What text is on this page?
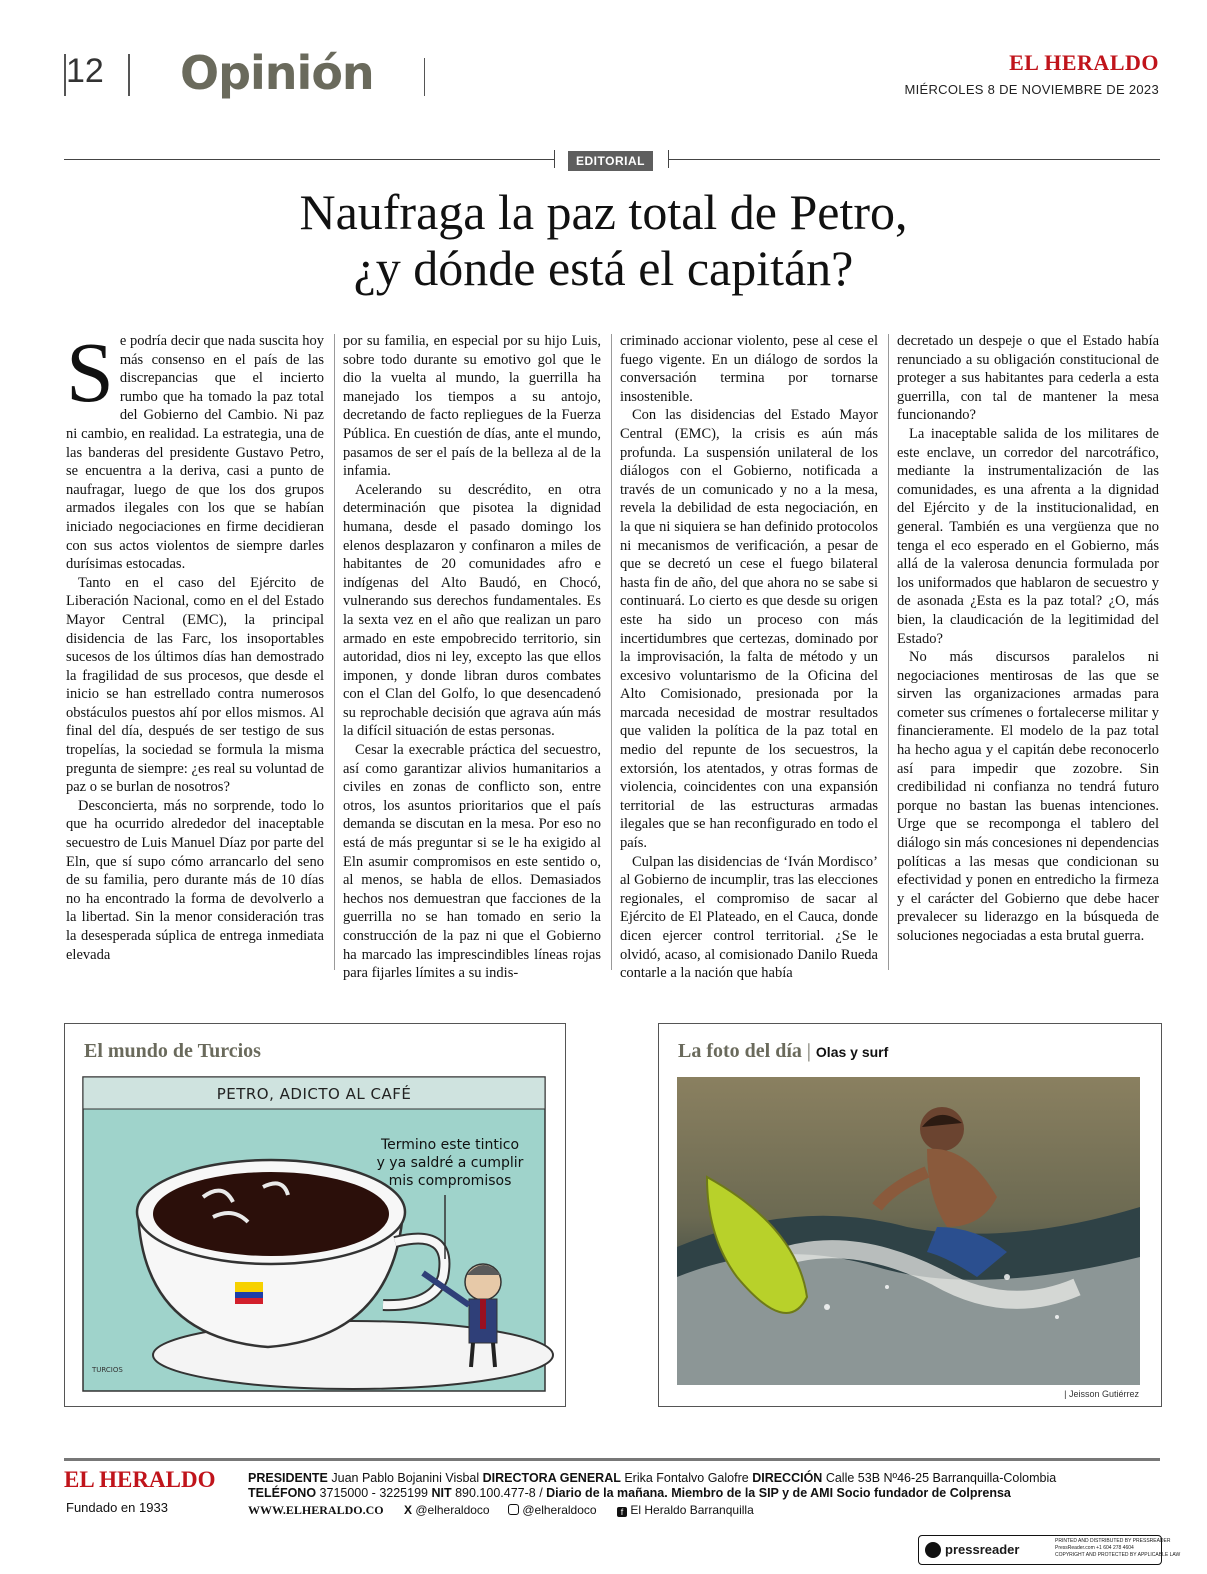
12 Opinión	EL HERALDO
MIÉRCOLES 8 DE NOVIEMBRE DE 2023
EDITORIAL
Naufraga la paz total de Petro,
¿y dónde está el capitán?

Se podría decir que nada suscita hoy más consenso en el país de las discrepancias que el incierto rumbo que ha tomado la paz total del Gobierno del Cambio. Ni paz ni cambio, en realidad. La estrategia, una de las banderas del presidente Gustavo Petro, se encuentra a la deriva, casi a punto de naufragar, luego de que los dos grupos armados ilegales con los que se habían iniciado negociaciones en firme decidieran con sus actos violentos de siempre darles durísimas estocadas.

Tanto en el caso del Ejército de Liberación Nacional, como en el del Estado Mayor Central (EMC), la principal disidencia de las Farc, los insoportables sucesos de los últimos días han demostrado la fragilidad de sus procesos, que desde el inicio se han estrellado contra numerosos obstáculos puestos ahí por ellos mismos. Al final del día, después de ser testigo de sus tropelías, la sociedad se formula la misma pregunta de siempre: ¿es real su voluntad de paz o se burlan de nosotros?

Desconcierta, más no sorprende, todo lo que ha ocurrido alrededor del inaceptable secuestro de Luis Manuel Díaz por parte del Eln, que sí supo cómo arrancarlo del seno de su familia, pero durante más de 10 días no ha encontrado la forma de devolverlo a la libertad. Sin la menor consideración tras la desesperada súplica de entrega inmediata elevada

por su familia, en especial por su hijo Luis, sobre todo durante su emotivo gol que le dio la vuelta al mundo, la guerrilla ha manejado los tiempos a su antojo, decretando de facto repliegues de la Fuerza Pública. En cuestión de días, ante el mundo, pasamos de ser el país de la belleza al de la infamia.

Acelerando su descrédito, en otra determinación que pisotea la dignidad humana, desde el pasado domingo los elenos desplazaron y confinaron a miles de habitantes de 20 comunidades afro e indígenas del Alto Baudó, en Chocó, vulnerando sus derechos fundamentales. Es la sexta vez en el año que realizan un paro armado en este empobrecido territorio, sin autoridad, dios ni ley, excepto las que ellos imponen, y donde libran duros combates con el Clan del Golfo, lo que desencadenó su reprochable decisión que agrava aún más la difícil situación de estas personas.

Cesar la execrable práctica del secuestro, así como garantizar alivios humanitarios a civiles en zonas de conflicto son, entre otros, los asuntos prioritarios que el país demanda se discutan en la mesa. Por eso no está de más preguntar si se le ha exigido al Eln asumir compromisos en este sentido o, al menos, se habla de ellos. Demasiados hechos nos demuestran que facciones de la guerrilla no se han tomado en serio la construcción de la paz ni que el Gobierno ha marcado las imprescindibles líneas rojas para fijarles límites a su indis-

criminado accionar violento, pese al cese el fuego vigente. En un diálogo de sordos la conversación termina por tornarse insostenible.

Con las disidencias del Estado Mayor Central (EMC), la crisis es aún más profunda. La suspensión unilateral de los diálogos con el Gobierno, notificada a través de un comunicado y no a la mesa, revela la debilidad de esta negociación, en la que ni siquiera se han definido protocolos ni mecanismos de verificación, a pesar de que se decretó un cese el fuego bilateral hasta fin de año, del que ahora no se sabe si continuará. Lo cierto es que desde su origen este ha sido un proceso con más incertidumbres que certezas, dominado por la improvisación, la falta de método y un excesivo voluntarismo de la Oficina del Alto Comisionado, presionada por la marcada necesidad de mostrar resultados que validen la política de la paz total en medio del repunte de los secuestros, la extorsión, los atentados, y otras formas de violencia, coincidentes con una expansión territorial de las estructuras armadas ilegales que se han reconfigurado en todo el país.

Culpan las disidencias de ‘Iván Mordisco’ al Gobierno de incumplir, tras las elecciones regionales, el compromiso de sacar al Ejército de El Plateado, en el Cauca, donde dicen ejercer control territorial. ¿Se le olvidó, acaso, al comisionado Danilo Rueda contarle a la nación que había

decretado un despeje o que el Estado había renunciado a su obligación constitucional de proteger a sus habitantes para cederla a esta guerrilla, con tal de mantener la mesa funcionando?

La inaceptable salida de los militares de este enclave, un corredor del narcotráfico, mediante la instrumentalización de las comunidades, es una afrenta a la dignidad del Ejército y de la institucionalidad, en general. También es una vergüenza que no tenga el eco esperado en el Gobierno, más allá de la valerosa denuncia formulada por los uniformados que hablaron de secuestro y de asonada ¿Esta es la paz total? ¿O, más bien, la claudicación de la legitimidad del Estado?

No más discursos paralelos ni negociaciones mentirosas de las que se sirven las organizaciones armadas para cometer sus crímenes o fortalecerse militar y financieramente. El modelo de la paz total ha hecho agua y el capitán debe reconocerlo así para impedir que zozobre. Sin credibilidad ni confianza no tendrá futuro porque no bastan las buenas intenciones. Urge que se recomponga el tablero del diálogo sin más concesiones ni dependencias políticas a las mesas que condicionan su efectividad y ponen en entredicho la firmeza y el carácter del Gobierno que debe hacer prevalecer su liderazgo en la búsqueda de soluciones negociadas a esta brutal guerra.

El mundo de Turcios
PETRO, ADICTO AL CAFÉ
Termino este tintico
y ya saldré a cumplir
mis compromisos
TURCIOS
La foto del día | Olas y surf
| Jeisson Gutiérrez
EL HERALDO
Fundado en 1933
PRESIDENTE Juan Pablo Bojanini Visbal DIRECTORA GENERAL Erika Fontalvo Galofre DIRECCIÓN Calle 53B Nº46-25 Barranquilla-Colombia
TELÉFONO 3715000 - 3225199 NIT 890.100.477-8 / Diario de la mañana. Miembro de la SIP y de AMI Socio fundador de Colprensa
WWW.ELHERALDO.CO X @elheraldoco	@elheraldoco	f El Heraldo Barranquilla
pressreader
PRINTED AND DISTRIBUTED BY PRESSREADER
PressReader.com +1 604 278 4604
COPYRIGHT AND PROTECTED BY APPLICABLE LAW
